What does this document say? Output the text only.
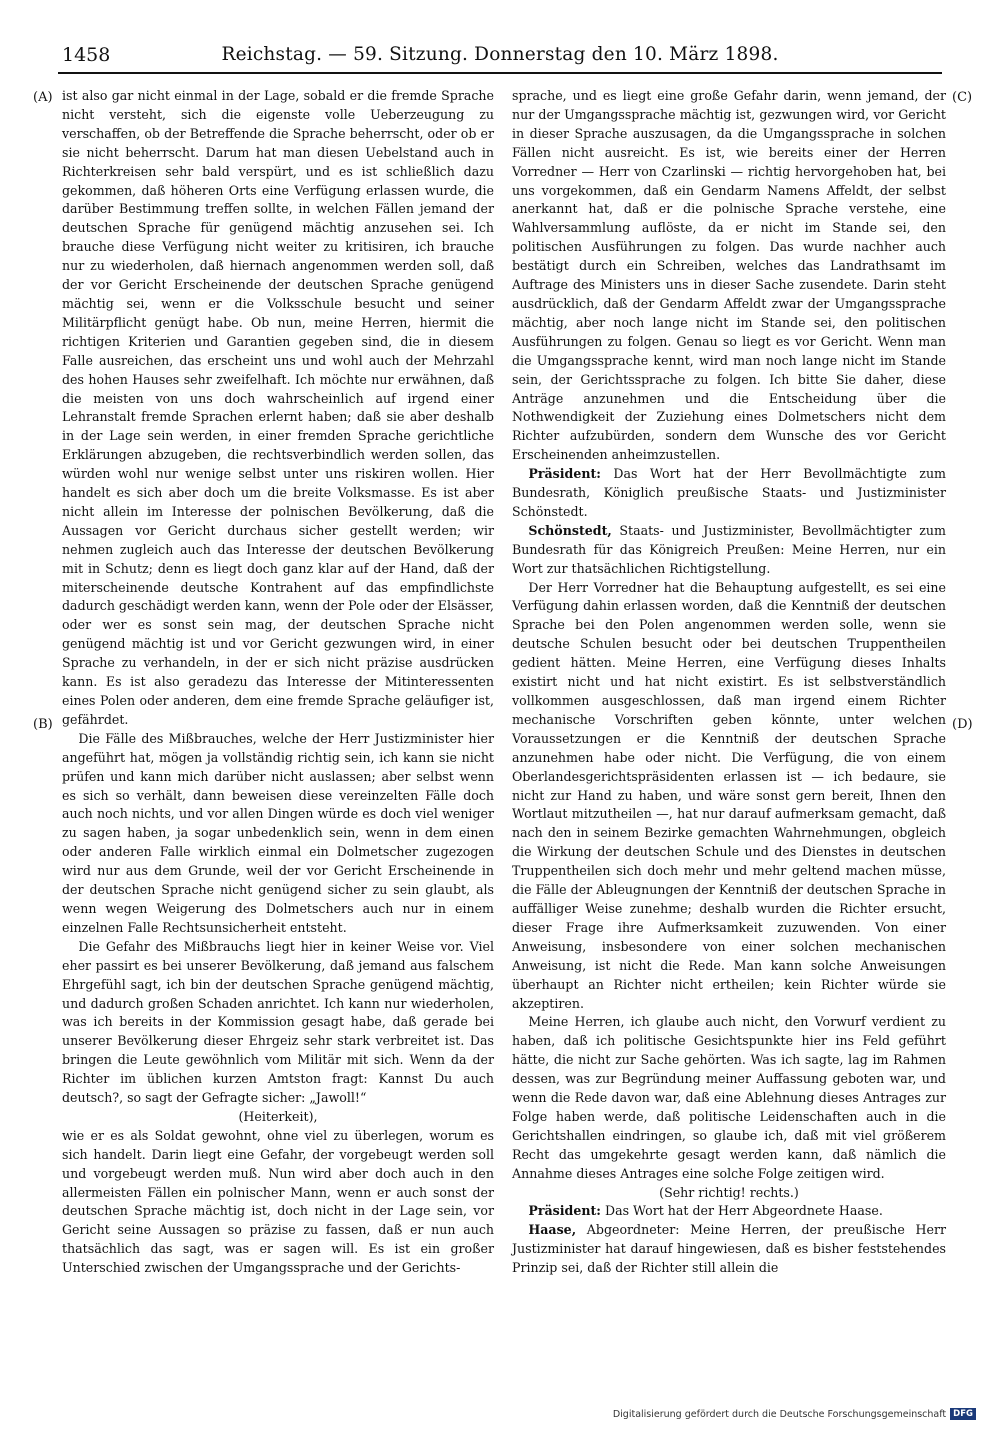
1458	Reichstag. — 59. Sitzung. Donnerstag den 10. März 1898.
(A)
(B)
(C)
(D)

ist also gar nicht einmal in der Lage, sobald er die fremde Sprache nicht versteht, sich die eigenste volle Ueberzeugung zu verschaffen, ob der Betreffende die Sprache beherrscht, oder ob er sie nicht beherrscht. Darum hat man diesen Uebelstand auch in Richterkreisen sehr bald verspürt, und es ist schließlich dazu gekommen, daß höheren Orts eine Verfügung erlassen wurde, die darüber Bestimmung treffen sollte, in welchen Fällen jemand der deutschen Sprache für genügend mächtig anzusehen sei. Ich brauche diese Verfügung nicht weiter zu kritisiren, ich brauche nur zu wiederholen, daß hiernach angenommen werden soll, daß der vor Gericht Erscheinende der deutschen Sprache genügend mächtig sei, wenn er die Volksschule besucht und seiner Militärpflicht genügt habe. Ob nun, meine Herren, hiermit die richtigen Kriterien und Garantien gegeben sind, die in diesem Falle ausreichen, das erscheint uns und wohl auch der Mehrzahl des hohen Hauses sehr zweifelhaft. Ich möchte nur erwähnen, daß die meisten von uns doch wahrscheinlich auf irgend einer Lehranstalt fremde Sprachen erlernt haben; daß sie aber deshalb in der Lage sein werden, in einer fremden Sprache gerichtliche Erklärungen abzugeben, die rechtsverbindlich werden sollen, das würden wohl nur wenige selbst unter uns riskiren wollen. Hier handelt es sich aber doch um die breite Volksmasse. Es ist aber nicht allein im Interesse der polnischen Bevölkerung, daß die Aussagen vor Gericht durchaus sicher gestellt werden; wir nehmen zugleich auch das Interesse der deutschen Bevölkerung mit in Schutz; denn es liegt doch ganz klar auf der Hand, daß der miterscheinende deutsche Kontrahent auf das empfindlichste dadurch geschädigt werden kann, wenn der Pole oder der Elsässer, oder wer es sonst sein mag, der deutschen Sprache nicht genügend mächtig ist und vor Gericht gezwungen wird, in einer Sprache zu verhandeln, in der er sich nicht präzise ausdrücken kann. Es ist also geradezu das Interesse der Mitinteressenten eines Polen oder anderen, dem eine fremde Sprache geläufiger ist, gefährdet.

Die Fälle des Mißbrauches, welche der Herr Justizminister hier angeführt hat, mögen ja vollständig richtig sein, ich kann sie nicht prüfen und kann mich darüber nicht auslassen; aber selbst wenn es sich so verhält, dann beweisen diese vereinzelten Fälle doch auch noch nichts, und vor allen Dingen würde es doch viel weniger zu sagen haben, ja sogar unbedenklich sein, wenn in dem einen oder anderen Falle wirklich einmal ein Dolmetscher zugezogen wird nur aus dem Grunde, weil der vor Gericht Erscheinende in der deutschen Sprache nicht genügend sicher zu sein glaubt, als wenn wegen Weigerung des Dolmetschers auch nur in einem einzelnen Falle Rechtsunsicherheit entsteht.

Die Gefahr des Mißbrauchs liegt hier in keiner Weise vor. Viel eher passirt es bei unserer Bevölkerung, daß jemand aus falschem Ehrgefühl sagt, ich bin der deutschen Sprache genügend mächtig, und dadurch großen Schaden anrichtet. Ich kann nur wiederholen, was ich bereits in der Kommission gesagt habe, daß gerade bei unserer Bevölkerung dieser Ehrgeiz sehr stark verbreitet ist. Das bringen die Leute gewöhnlich vom Militär mit sich. Wenn da der Richter im üblichen kurzen Amtston fragt: Kannst Du auch deutsch?, so sagt der Gefragte sicher: „Jawoll!“

(Heiterkeit),

wie er es als Soldat gewohnt, ohne viel zu überlegen, worum es sich handelt. Darin liegt eine Gefahr, der vorgebeugt werden soll und vorgebeugt werden muß. Nun wird aber doch auch in den allermeisten Fällen ein polnischer Mann, wenn er auch sonst der deutschen Sprache mächtig ist, doch nicht in der Lage sein, vor Gericht seine Aussagen so präzise zu fassen, daß er nun auch thatsächlich das sagt, was er sagen will. Es ist ein großer Unterschied zwischen der Umgangssprache und der Gerichts-

sprache, und es liegt eine große Gefahr darin, wenn jemand, der nur der Umgangssprache mächtig ist, gezwungen wird, vor Gericht in dieser Sprache auszusagen, da die Umgangssprache in solchen Fällen nicht ausreicht. Es ist, wie bereits einer der Herren Vorredner — Herr von Czarlinski — richtig hervorgehoben hat, bei uns vorgekommen, daß ein Gendarm Namens Affeldt, der selbst anerkannt hat, daß er die polnische Sprache verstehe, eine Wahlversammlung auflöste, da er nicht im Stande sei, den politischen Ausführungen zu folgen. Das wurde nachher auch bestätigt durch ein Schreiben, welches das Landrathsamt im Auftrage des Ministers uns in dieser Sache zusendete. Darin steht ausdrücklich, daß der Gendarm Affeldt zwar der Umgangssprache mächtig, aber noch lange nicht im Stande sei, den politischen Ausführungen zu folgen. Genau so liegt es vor Gericht. Wenn man die Umgangssprache kennt, wird man noch lange nicht im Stande sein, der Gerichtssprache zu folgen. Ich bitte Sie daher, diese Anträge anzunehmen und die Entscheidung über die Nothwendigkeit der Zuziehung eines Dolmetschers nicht dem Richter aufzubürden, sondern dem Wunsche des vor Gericht Erscheinenden anheimzustellen.

Präsident: Das Wort hat der Herr Bevollmächtigte zum Bundesrath, Königlich preußische Staats- und Justizminister Schönstedt.

Schönstedt, Staats- und Justizminister, Bevollmächtigter zum Bundesrath für das Königreich Preußen: Meine Herren, nur ein Wort zur thatsächlichen Richtigstellung.

Der Herr Vorredner hat die Behauptung aufgestellt, es sei eine Verfügung dahin erlassen worden, daß die Kenntniß der deutschen Sprache bei den Polen angenommen werden solle, wenn sie deutsche Schulen besucht oder bei deutschen Truppentheilen gedient hätten. Meine Herren, eine Verfügung dieses Inhalts existirt nicht und hat nicht existirt. Es ist selbstverständlich vollkommen ausgeschlossen, daß man irgend einem Richter mechanische Vorschriften geben könnte, unter welchen Voraussetzungen er die Kenntniß der deutschen Sprache anzunehmen habe oder nicht. Die Verfügung, die von einem Oberlandesgerichtspräsidenten erlassen ist — ich bedaure, sie nicht zur Hand zu haben, und wäre sonst gern bereit, Ihnen den Wortlaut mitzutheilen —, hat nur darauf aufmerksam gemacht, daß nach den in seinem Bezirke gemachten Wahrnehmungen, obgleich die Wirkung der deutschen Schule und des Dienstes in deutschen Truppentheilen sich doch mehr und mehr geltend machen müsse, die Fälle der Ableugnungen der Kenntniß der deutschen Sprache in auffälliger Weise zunehme; deshalb wurden die Richter ersucht, dieser Frage ihre Aufmerksamkeit zuzuwenden. Von einer Anweisung, insbesondere von einer solchen mechanischen Anweisung, ist nicht die Rede. Man kann solche Anweisungen überhaupt an Richter nicht ertheilen; kein Richter würde sie akzeptiren.

Meine Herren, ich glaube auch nicht, den Vorwurf verdient zu haben, daß ich politische Gesichtspunkte hier ins Feld geführt hätte, die nicht zur Sache gehörten. Was ich sagte, lag im Rahmen dessen, was zur Begründung meiner Auffassung geboten war, und wenn die Rede davon war, daß eine Ablehnung dieses Antrages zur Folge haben werde, daß politische Leidenschaften auch in die Gerichtshallen eindringen, so glaube ich, daß mit viel größerem Recht das umgekehrte gesagt werden kann, daß nämlich die Annahme dieses Antrages eine solche Folge zeitigen wird.

(Sehr richtig! rechts.)

Präsident: Das Wort hat der Herr Abgeordnete Haase.

Haase, Abgeordneter: Meine Herren, der preußische Herr Justizminister hat darauf hingewiesen, daß es bisher feststehendes Prinzip sei, daß der Richter still allein die

Digitalisierung gefördert durch die Deutsche Forschungsgemeinschaft DFG
